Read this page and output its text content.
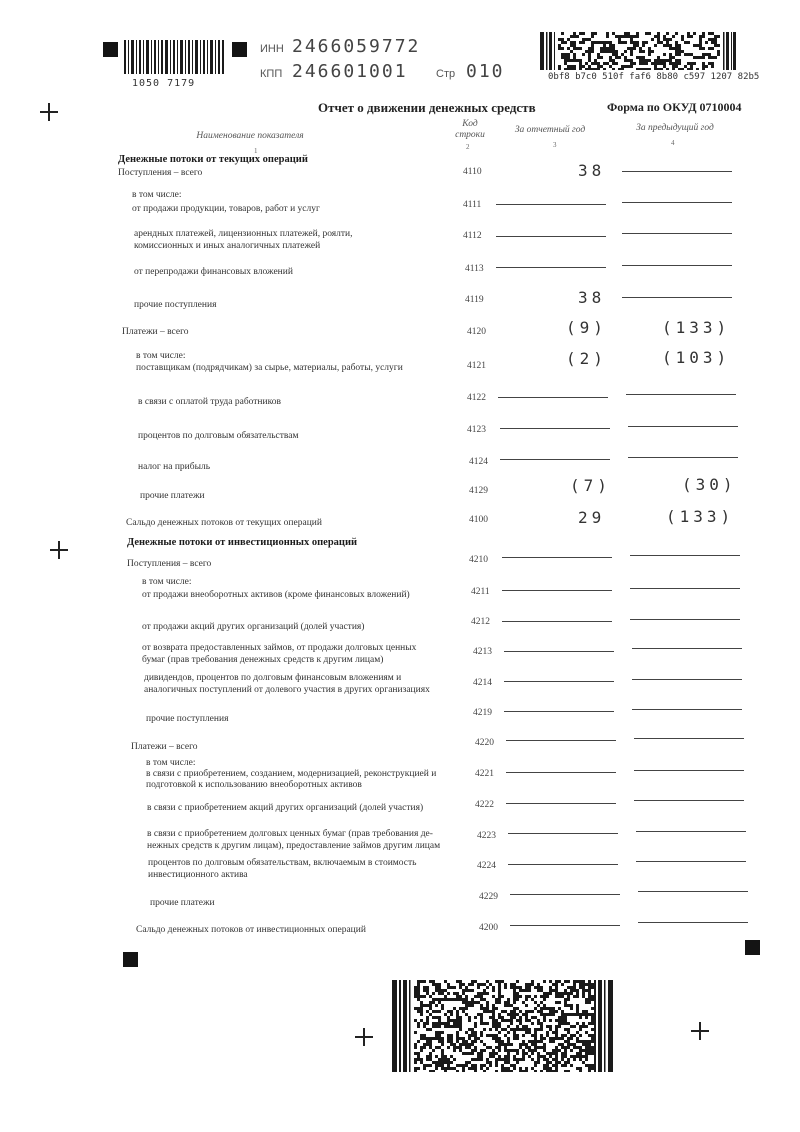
1050 7179
ИНН 2466059772
КПП 246601001	Стр 010	0bf8 b7c0 510f faf6 8b80 c597 1207 82b5
Отчет о движении денежных средств	Форма по ОКУД 0710004
Наименование показателя
Код
строки	За отчетный год	За предыдущий год
1	2	3	4
Денежные потоки от текущих операций
Денежные потоки от инвестиционных операций
Поступления – всего	4110	38
в том числе:
от продажи продукции, товаров, работ и услуг	4111
арендных платежей, лицензионных платежей, роялти,
комиссионных и иных аналогичных платежей
4112
от перепродажи финансовых вложений	4113
прочие поступления	4119	38
Платежи – всего	4120	(9)	(133)
в том числе:
поставщикам (подрядчикам) за сырье, материалы, работы, услуги	4121	(2)	(103)
в связи с оплатой труда работников	4122
процентов по долговым обязательствам
4123
налог на прибыль	4124
прочие платежи	4129	(7)	(30)
Сальдо денежных потоков от текущих операций	4100	29	(133)
Поступления – всего	4210
в том числе:
от продажи внеоборотных активов (кроме финансовых вложений)	4211
от продажи акций других организаций (долей участия)	4212
от возврата предоставленных займов, от продажи долговых ценных
бумаг (прав требования денежных средств к другим лицам)
4213
дивидендов, процентов по долговым финансовым вложениям и
аналогичных поступлений от долевого участия в других организациях
4214
прочие поступления
4219
Платежи – всего	4220
в том числе:
в связи с приобретением, созданием, модернизацией, реконструкцией и
подготовкой к использованию внеоборотных активов
4221
в связи с приобретением акций других организаций (долей участия)	4222
в связи с приобретением долговых ценных бумаг (прав требования де-
нежных средств к другим лицам), предоставление займов другим лицам
4223
процентов по долговым обязательствам, включаемым в стоимость
инвестиционного актива
4224
прочие платежи
4229
Сальдо денежных потоков от инвестиционных операций	4200
